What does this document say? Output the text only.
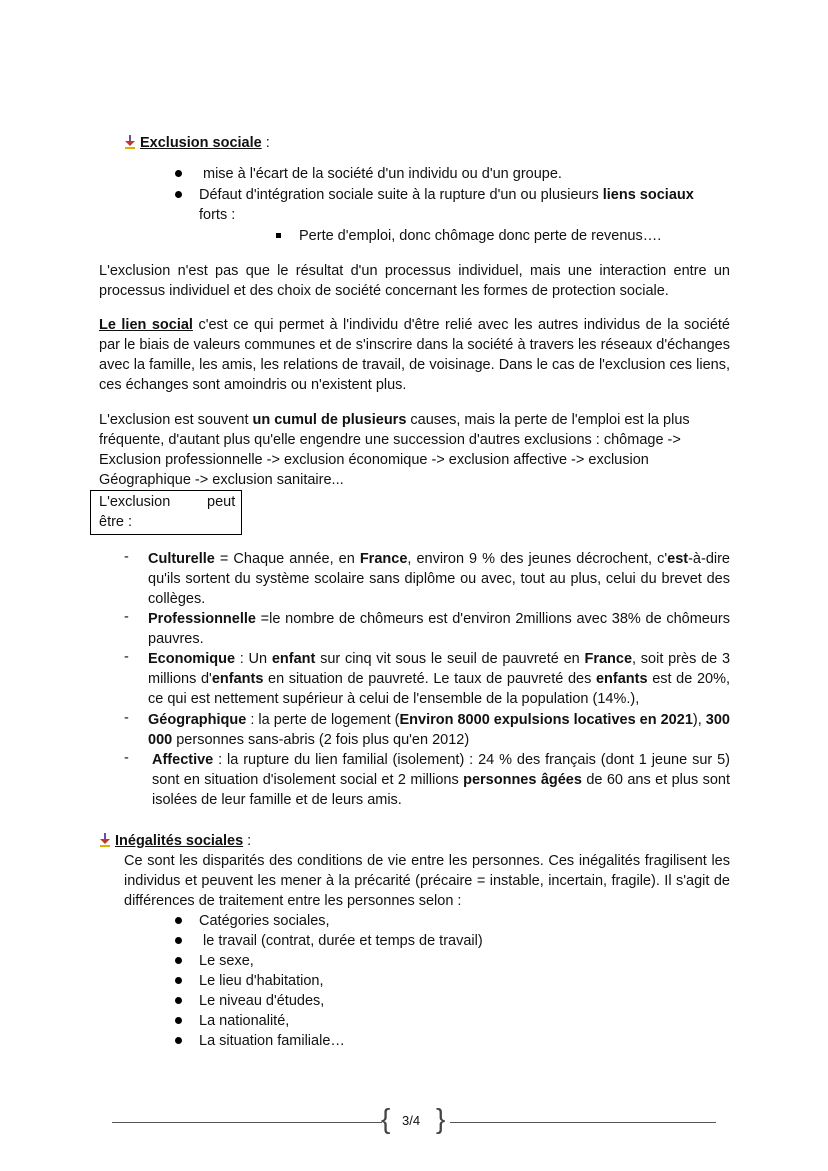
Exclusion sociale :
mise à l'écart de la société d'un individu ou d'un groupe.
Défaut d'intégration sociale suite à la rupture d'un ou plusieurs liens sociaux
forts :
Perte d'emploi, donc chômage donc perte de revenus….
L'exclusion n'est pas que le résultat d'un processus individuel, mais une interaction entre un processus individuel et des choix de société concernant les formes de protection sociale.
Le lien social c'est ce qui permet à l'individu d'être relié avec les autres individus de la société par le biais de valeurs communes et de s'inscrire dans la société à travers les réseaux d'échanges avec la famille, les amis, les relations de travail, de voisinage. Dans le cas de l'exclusion ces liens, ces échanges sont amoindris ou n'existent plus.
L'exclusion est souvent un cumul de plusieurs causes, mais la perte de l'emploi est la plus
fréquente, d'autant plus qu'elle engendre une succession d'autres exclusions : chômage ->
Exclusion professionnelle -> exclusion économique -> exclusion affective -> exclusion
Géographique -> exclusion sanitaire...
L'exclusion	peut
être :
- Culturelle = Chaque année, en France, environ 9 % des jeunes décrochent, c'est-à-dire qu'ils sortent du système scolaire sans diplôme ou avec, tout au plus, celui du brevet des collèges.
- Professionnelle =le nombre de chômeurs est d'environ 2millions avec 38% de chômeurs pauvres.
- Economique : Un enfant sur cinq vit sous le seuil de pauvreté en France, soit près de 3 millions d'enfants en situation de pauvreté. Le taux de pauvreté des enfants est de 20%, ce qui est nettement supérieur à celui de l'ensemble de la population (14%.),
- Géographique : la perte de logement (Environ 8000 expulsions locatives en 2021), 300 000 personnes sans-abris (2 fois plus qu'en 2012)
- Affective : la rupture du lien familial (isolement) : 24 % des français (dont 1 jeune sur 5) sont en situation d'isolement social et 2 millions personnes âgées de 60 ans et plus sont isolées de leur famille et de leurs amis.
Inégalités sociales :
Ce sont les disparités des conditions de vie entre les personnes. Ces inégalités fragilisent les individus et peuvent les mener à la précarité (précaire = instable, incertain, fragile). Il s'agit de différences de traitement entre les personnes selon :
Catégories sociales,
le travail (contrat, durée et temps de travail)
Le sexe,
Le lieu d'habitation,
Le niveau d'études,
La nationalité,
La situation familiale…
{ 3/4 }
